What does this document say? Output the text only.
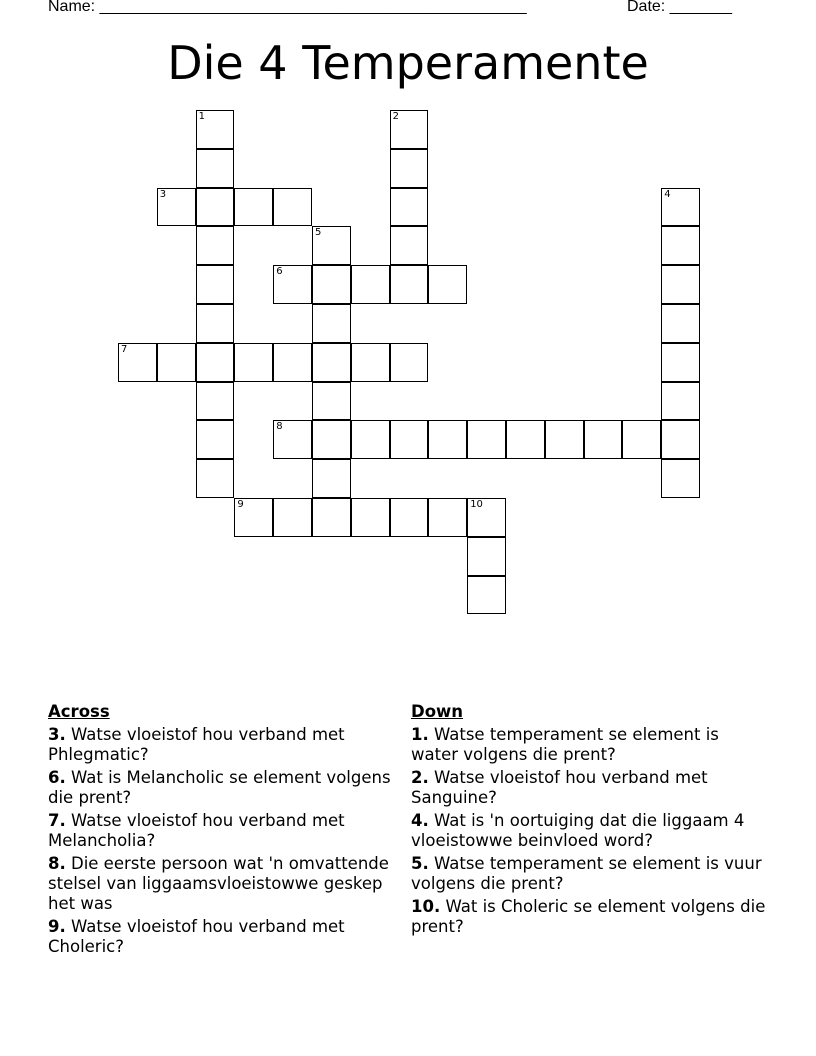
Name: ________________________________________________	Date: _______
Die 4 Temperamente
1	2
3	4
5
6
7
8
9	10
Across
3. Watse vloeistof hou verband met Phlegmatic?
6. Wat is Melancholic se element volgens die prent?
7. Watse vloeistof hou verband met Melancholia?
8. Die eerste persoon wat 'n omvattende stelsel van liggaamsvloeistowwe geskep het was
9. Watse vloeistof hou verband met Choleric?
Down
1. Watse temperament se element is water volgens die prent?
2. Watse vloeistof hou verband met Sanguine?
4. Wat is 'n oortuiging dat die liggaam 4 vloeistowwe beinvloed word?
5. Watse temperament se element is vuur volgens die prent?
10. Wat is Choleric se element volgens die prent?
